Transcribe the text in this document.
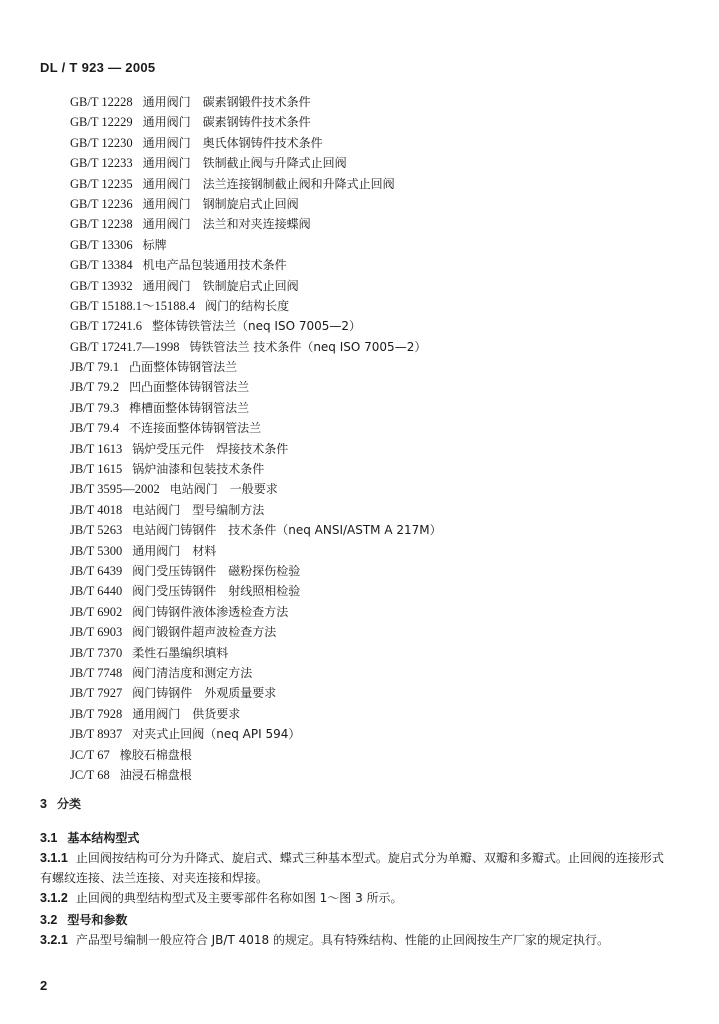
DL / T 923 — 2005
GB/T 12228 通用阀门　碳素钢锻件技术条件
GB/T 12229 通用阀门　碳素钢铸件技术条件
GB/T 12230 通用阀门　奥氏体钢铸件技术条件
GB/T 12233 通用阀门　铁制截止阀与升降式止回阀
GB/T 12235 通用阀门　法兰连接钢制截止阀和升降式止回阀
GB/T 12236 通用阀门　钢制旋启式止回阀
GB/T 12238 通用阀门　法兰和对夹连接蝶阀
GB/T 13306 标牌
GB/T 13384 机电产品包装通用技术条件
GB/T 13932 通用阀门　铁制旋启式止回阀
GB/T 15188.1～15188.4 阀门的结构长度
GB/T 17241.6 整体铸铁管法兰（neq ISO 7005—2）
GB/T 17241.7—1998 铸铁管法兰 技术条件（neq ISO 7005—2）
JB/T 79.1 凸面整体铸钢管法兰
JB/T 79.2 凹凸面整体铸钢管法兰
JB/T 79.3 榫槽面整体铸钢管法兰
JB/T 79.4 不连接面整体铸钢管法兰
JB/T 1613 锅炉受压元件　焊接技术条件
JB/T 1615 锅炉油漆和包装技术条件
JB/T 3595—2002 电站阀门　一般要求
JB/T 4018 电站阀门　型号编制方法
JB/T 5263 电站阀门铸钢件　技术条件（neq ANSI/ASTM A 217M）
JB/T 5300 通用阀门　材料
JB/T 6439 阀门受压铸钢件　磁粉探伤检验
JB/T 6440 阀门受压铸钢件　射线照相检验
JB/T 6902 阀门铸钢件液体渗透检查方法
JB/T 6903 阀门锻钢件超声波检查方法
JB/T 7370 柔性石墨编织填料
JB/T 7748 阀门清洁度和测定方法
JB/T 7927 阀门铸钢件　外观质量要求
JB/T 7928 通用阀门　供货要求
JB/T 8937 对夹式止回阀（neq API 594）
JC/T 67 橡胶石棉盘根
JC/T 68 油浸石棉盘根
3 分类
3.1 基本结构型式
3.1.1 止回阀按结构可分为升降式、旋启式、蝶式三种基本型式。旋启式分为单瓣、双瓣和多瓣式。止回阀的连接形式有螺纹连接、法兰连接、对夹连接和焊接。
3.1.2 止回阀的典型结构型式及主要零部件名称如图 1～图 3 所示。
3.2 型号和参数
3.2.1 产品型号编制一般应符合 JB/T 4018 的规定。具有特殊结构、性能的止回阀按生产厂家的规定执行。
2
